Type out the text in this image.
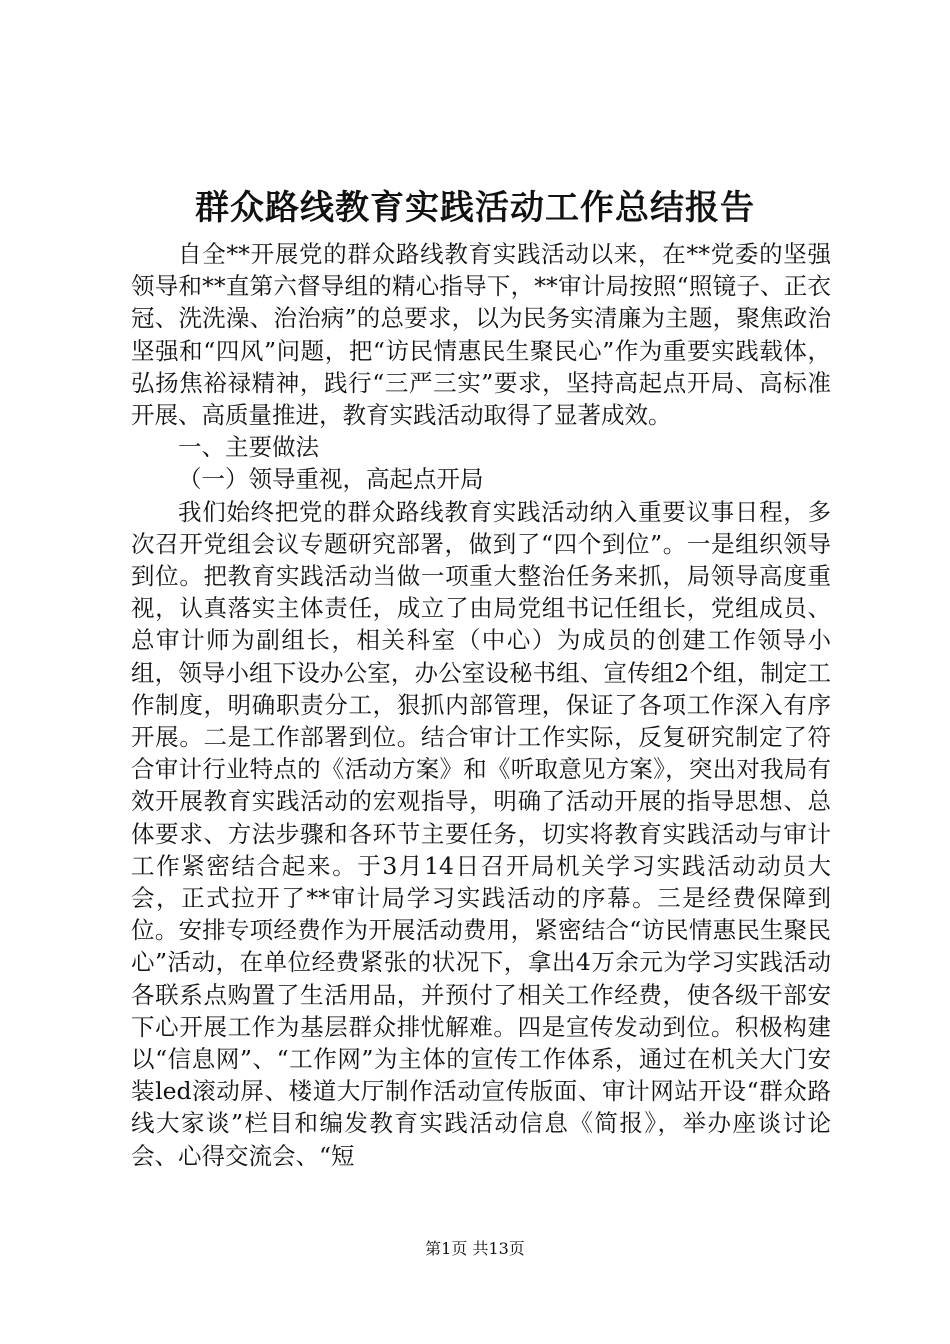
群众路线教育实践活动工作总结报告

自全**开展党的群众路线教育实践活动以来，在**党委的坚强领导和**直第六督导组的精心指导下，**审计局按照“照镜子、正衣冠、洗洗澡、治治病”的总要求，以为民务实清廉为主题，聚焦政治坚强和“四风”问题，把“访民情惠民生聚民心”作为重要实践载体，弘扬焦裕禄精神，践行“三严三实”要求，坚持高起点开局、高标准开展、高质量推进，教育实践活动取得了显著成效。

一、主要做法

（一）领导重视，高起点开局

我们始终把党的群众路线教育实践活动纳入重要议事日程，多次召开党组会议专题研究部署，做到了“四个到位”。一是组织领导到位。把教育实践活动当做一项重大整治任务来抓，局领导高度重视，认真落实主体责任，成立了由局党组书记任组长，党组成员、总审计师为副组长，相关科室（中心）为成员的创建工作领导小组，领导小组下设办公室，办公室设秘书组、宣传组2个组，制定工作制度，明确职责分工，狠抓内部管理，保证了各项工作深入有序开展。二是工作部署到位。结合审计工作实际，反复研究制定了符合审计行业特点的《活动方案》和《听取意见方案》，突出对我局有效开展教育实践活动的宏观指导，明确了活动开展的指导思想、总体要求、方法步骤和各环节主要任务，切实将教育实践活动与审计工作紧密结合起来。于3月14日召开局机关学习实践活动动员大会，正式拉开了**审计局学习实践活动的序幕。三是经费保障到位。安排专项经费作为开展活动费用，紧密结合“访民情惠民生聚民心”活动，在单位经费紧张的状况下，拿出4万余元为学习实践活动各联系点购置了生活用品，并预付了相关工作经费，使各级干部安下心开展工作为基层群众排忧解难。四是宣传发动到位。积极构建以“信息网”、“工作网”为主体的宣传工作体系，通过在机关大门安装led滚动屏、楼道大厅制作活动宣传版面、审计网站开设“群众路线大家谈”栏目和编发教育实践活动信息《简报》，举办座谈讨论会、心得交流会、“短

第1页 共13页
